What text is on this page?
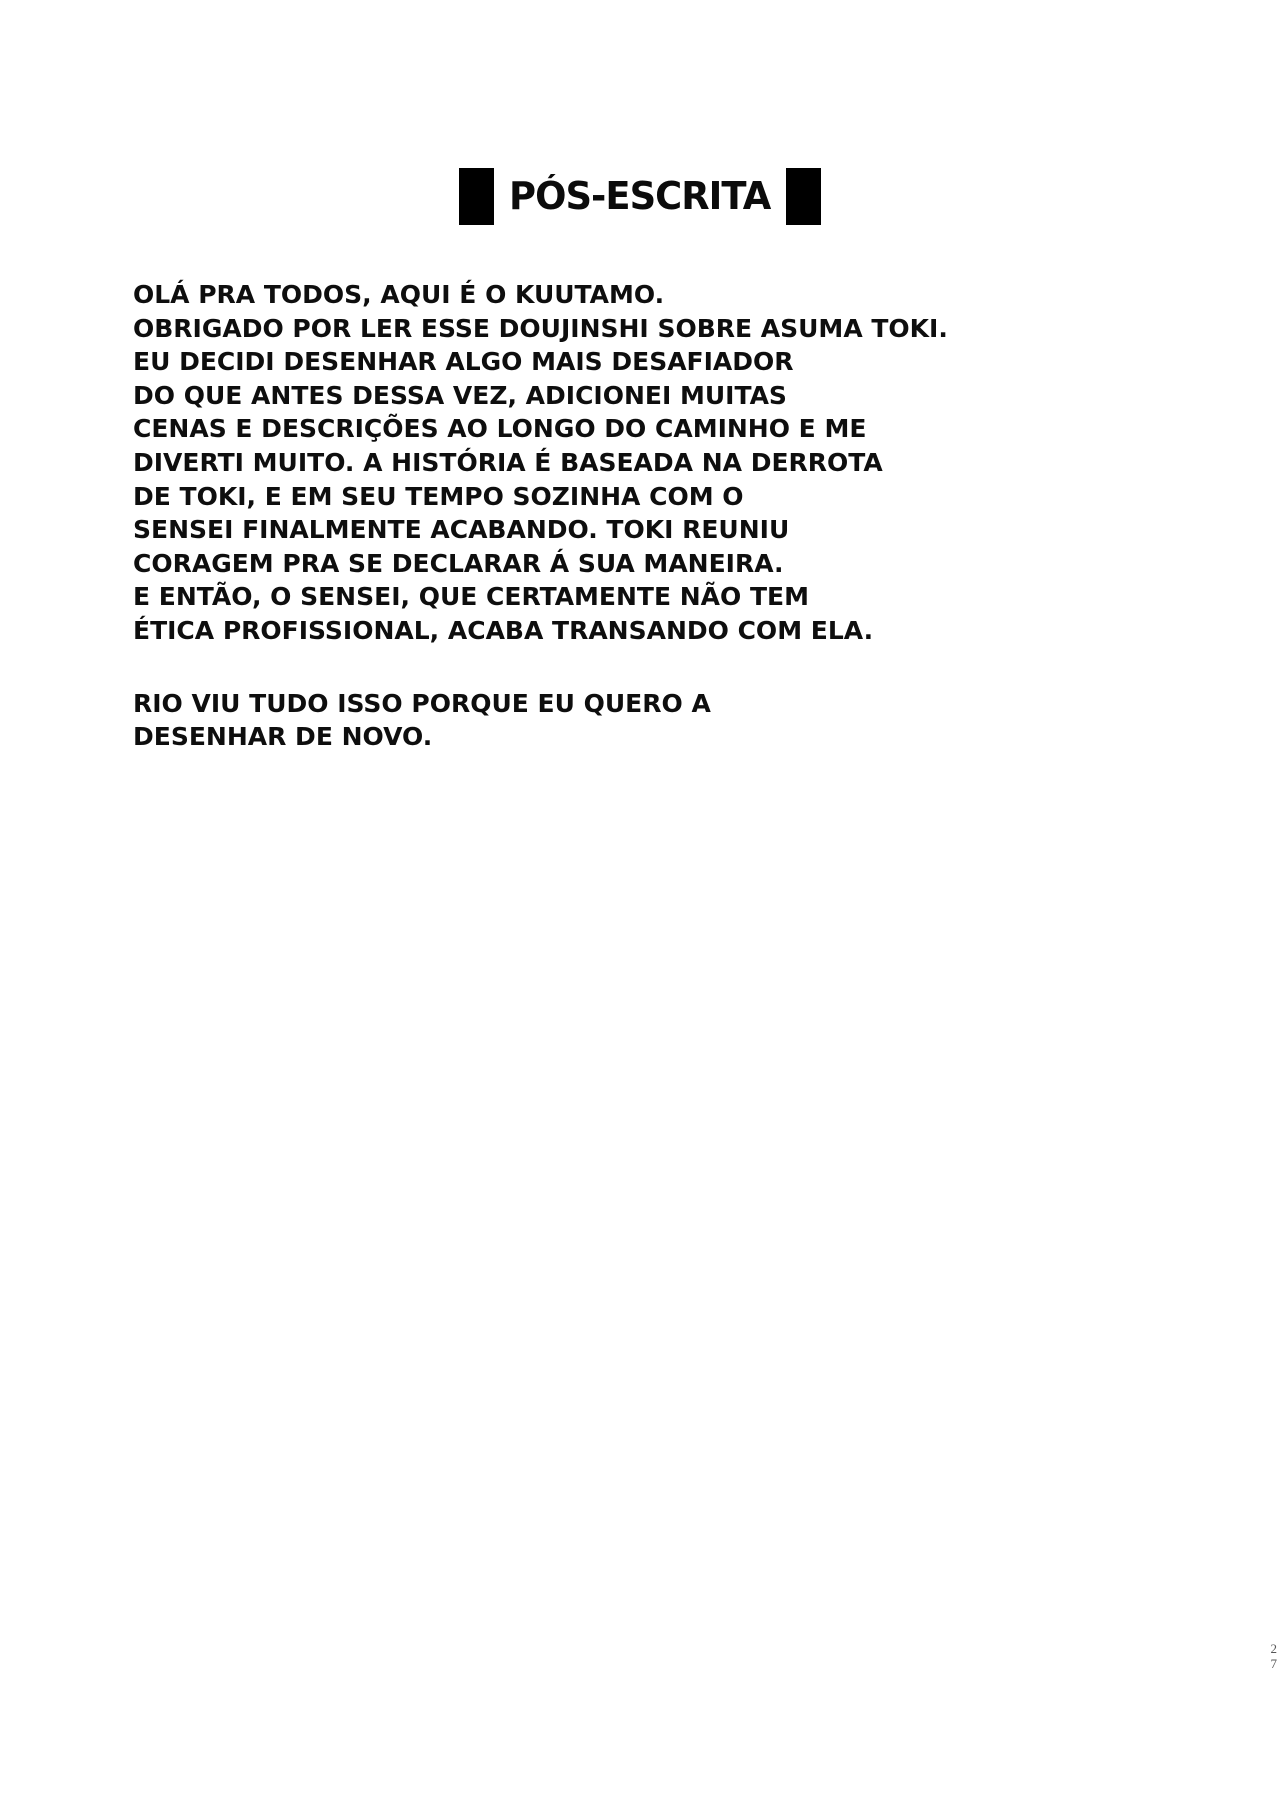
PÓS-ESCRITA
OLÁ PRA TODOS, AQUI É O KUUTAMO.
OBRIGADO POR LER ESSE DOUJINSHI SOBRE ASUMA TOKI.
EU DECIDI DESENHAR ALGO MAIS DESAFIADOR
DO QUE ANTES DESSA VEZ, ADICIONEI MUITAS
CENAS E DESCRIÇÕES AO LONGO DO CAMINHO E ME
DIVERTI MUITO. A HISTÓRIA É BASEADA NA DERROTA
DE TOKI, E EM SEU TEMPO SOZINHA COM O
SENSEI FINALMENTE ACABANDO. TOKI REUNIU
CORAGEM PRA SE DECLARAR Á SUA MANEIRA.
E ENTÃO, O SENSEI, QUE CERTAMENTE NÃO TEM
ÉTICA PROFISSIONAL, ACABA TRANSANDO COM ELA.
RIO VIU TUDO ISSO PORQUE EU QUERO A
DESENHAR DE NOVO.
2
7
